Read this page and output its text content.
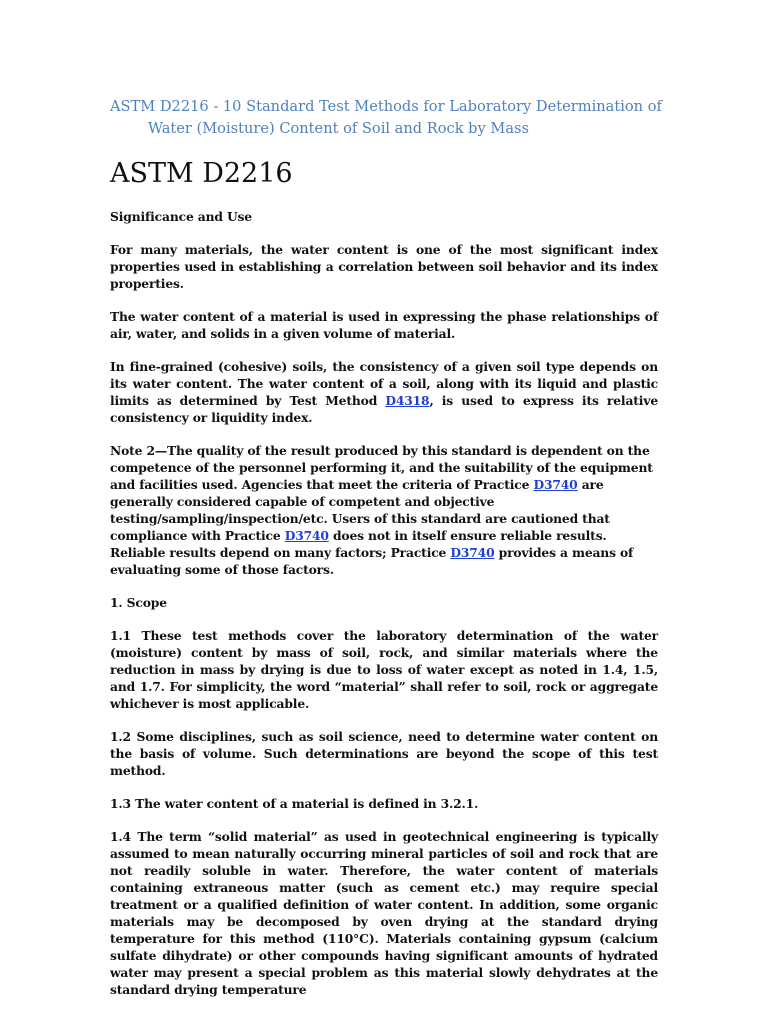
ASTM D2216 - 10 Standard Test Methods for Laboratory Determination of
Water (Moisture) Content of Soil and Rock by Mass
ASTM D2216

Significance and Use

For many materials, the water content is one of the most significant index properties used in establishing a correlation between soil behavior and its index properties.

The water content of a material is used in expressing the phase relationships of air, water, and solids in a given volume of material.

In fine-grained (cohesive) soils, the consistency of a given soil type depends on its water content. The water content of a soil, along with its liquid and plastic limits as determined by Test Method D4318, is used to express its relative consistency or liquidity index.

Note 2—The quality of the result produced by this standard is dependent on the competence of the personnel performing it, and the suitability of the equipment and facilities used. Agencies that meet the criteria of Practice D3740 are generally considered capable of competent and objective testing/sampling/inspection/etc. Users of this standard are cautioned that compliance with Practice D3740 does not in itself ensure reliable results. Reliable results depend on many factors; Practice D3740 provides a means of evaluating some of those factors.

1. Scope

1.1 These test methods cover the laboratory determination of the water (moisture) content by mass of soil, rock, and similar materials where the reduction in mass by drying is due to loss of water except as noted in 1.4, 1.5, and 1.7. For simplicity, the word “material” shall refer to soil, rock or aggregate whichever is most applicable.

1.2 Some disciplines, such as soil science, need to determine water content on the basis of volume. Such determinations are beyond the scope of this test method.

1.3 The water content of a material is defined in 3.2.1.

1.4 The term “solid material” as used in geotechnical engineering is typically assumed to mean naturally occurring mineral particles of soil and rock that are not readily soluble in water. Therefore, the water content of materials containing extraneous matter (such as cement etc.) may require special treatment or a qualified definition of water content. In addition, some organic materials may be decomposed by oven drying at the standard drying temperature for this method (110°C). Materials containing gypsum (calcium sulfate dihydrate) or other compounds having significant amounts of hydrated water may present a special problem as this material slowly dehydrates at the standard drying temperature
